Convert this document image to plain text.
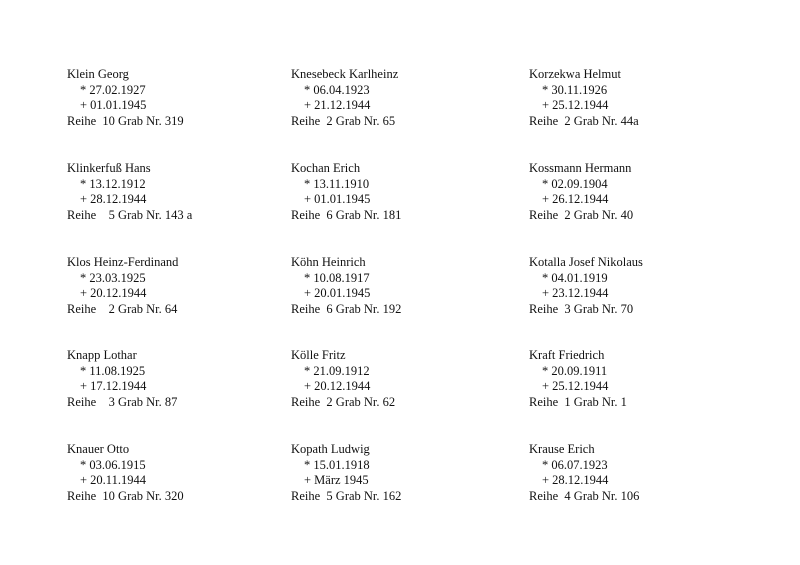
Klein Georg
* 27.02.1927
+ 01.01.1945
Reihe  10 Grab Nr. 319
Knesebeck Karlheinz
* 06.04.1923
+ 21.12.1944
Reihe  2 Grab Nr. 65
Korzekwa Helmut
* 30.11.1926
+ 25.12.1944
Reihe  2 Grab Nr. 44a
Klinkerfuß Hans
* 13.12.1912
+ 28.12.1944
Reihe    5 Grab Nr. 143 a
Kochan Erich
* 13.11.1910
+ 01.01.1945
Reihe  6 Grab Nr. 181
Kossmann Hermann
* 02.09.1904
+ 26.12.1944
Reihe  2 Grab Nr. 40
Klos Heinz-Ferdinand
* 23.03.1925
+ 20.12.1944
Reihe    2 Grab Nr. 64
Köhn Heinrich
* 10.08.1917
+ 20.01.1945
Reihe  6 Grab Nr. 192
Kotalla Josef Nikolaus
* 04.01.1919
+ 23.12.1944
Reihe  3 Grab Nr. 70
Knapp Lothar
* 11.08.1925
+ 17.12.1944
Reihe    3 Grab Nr. 87
Kölle Fritz
* 21.09.1912
+ 20.12.1944
Reihe  2 Grab Nr. 62
Kraft Friedrich
* 20.09.1911
+ 25.12.1944
Reihe  1 Grab Nr. 1
Knauer Otto
* 03.06.1915
+ 20.11.1944
Reihe  10 Grab Nr. 320
Kopath Ludwig
* 15.01.1918
+ März 1945
Reihe  5 Grab Nr. 162
Krause Erich
* 06.07.1923
+ 28.12.1944
Reihe  4 Grab Nr. 106
